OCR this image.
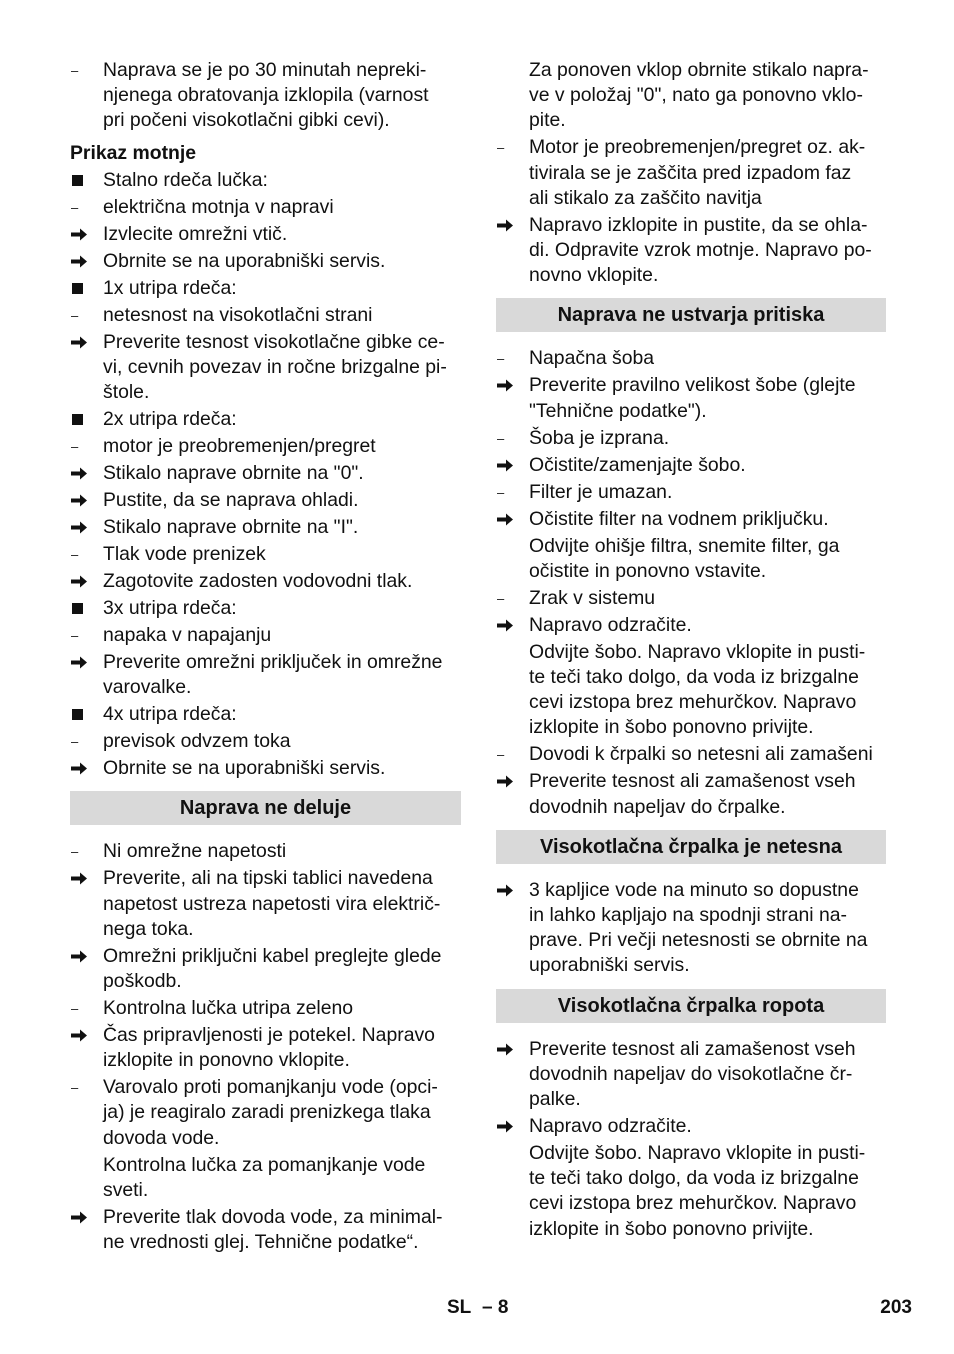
–	Naprava se je po 30 minutah nepreki-
njenega obratovanja izklopila (varnost
pri počeni visokotlačni gibki cevi).
Prikaz motnje
Stalno rdeča lučka:
–	električna motnja v napravi
Izvlecite omrežni vtič.
Obrnite se na uporabniški servis.
1x utripa rdeča:
–	netesnost na visokotlačni strani
Preverite tesnost visokotlačne gibke ce-
vi, cevnih povezav in ročne brizgalne pi-
štole.
2x utripa rdeča:
–	motor je preobremenjen/pregret
Stikalo naprave obrnite na "0".
Pustite, da se naprava ohladi.
Stikalo naprave obrnite na "I".
–	Tlak vode prenizek
Zagotovite zadosten vodovodni tlak.
3x utripa rdeča:
–	napaka v napajanju
Preverite omrežni priključek in omrežne
varovalke.
4x utripa rdeča:
–	previsok odvzem toka
Obrnite se na uporabniški servis.
Naprava ne deluje
–	Ni omrežne napetosti
Preverite, ali na tipski tablici navedena
napetost ustreza napetosti vira električ-
nega toka.
Omrežni priključni kabel preglejte glede
poškodb.
–	Kontrolna lučka utripa zeleno
Čas pripravljenosti je potekel. Napravo
izklopite in ponovno vklopite.
–	Varovalo proti pomanjkanju vode (opci-
ja) je reagiralo zaradi prenizkega tlaka
dovoda vode.
Kontrolna lučka za pomanjkanje vode
sveti.
Preverite tlak dovoda vode, za minimal-
ne vrednosti glej. Tehnične podatke“.
Za ponoven vklop obrnite stikalo napra-
ve v položaj "0", nato ga ponovno vklo-
pite.
–	Motor je preobremenjen/pregret oz. ak-
tivirala se je zaščita pred izpadom faz
ali stikalo za zaščito navitja
Napravo izklopite in pustite, da se ohla-
di. Odpravite vzrok motnje. Napravo po-
novno vklopite.
Naprava ne ustvarja pritiska
–	Napačna šoba
Preverite pravilno velikost šobe (glejte
"Tehnične podatke").
–	Šoba je izprana.
Očistite/zamenjajte šobo.
–	Filter je umazan.
Očistite filter na vodnem priključku.
Odvijte ohišje filtra, snemite filter, ga
očistite in ponovno vstavite.
–	Zrak v sistemu
Napravo odzračite.
Odvijte šobo. Napravo vklopite in pusti-
te teči tako dolgo, da voda iz brizgalne
cevi izstopa brez mehurčkov. Napravo
izklopite in šobo ponovno privijte.
–	Dovodi k črpalki so netesni ali zamašeni
Preverite tesnost ali zamašenost vseh
dovodnih napeljav do črpalke.
Visokotlačna črpalka je netesna
3 kapljice vode na minuto so dopustne
in lahko kapljajo na spodnji strani na-
prave. Pri večji netesnosti se obrnite na
uporabniški servis.
Visokotlačna črpalka ropota
Preverite tesnost ali zamašenost vseh
dovodnih napeljav do visokotlačne čr-
palke.
Napravo odzračite.
Odvijte šobo. Napravo vklopite in pusti-
te teči tako dolgo, da voda iz brizgalne
cevi izstopa brez mehurčkov. Napravo
izklopite in šobo ponovno privijte.
SL – 8	203
